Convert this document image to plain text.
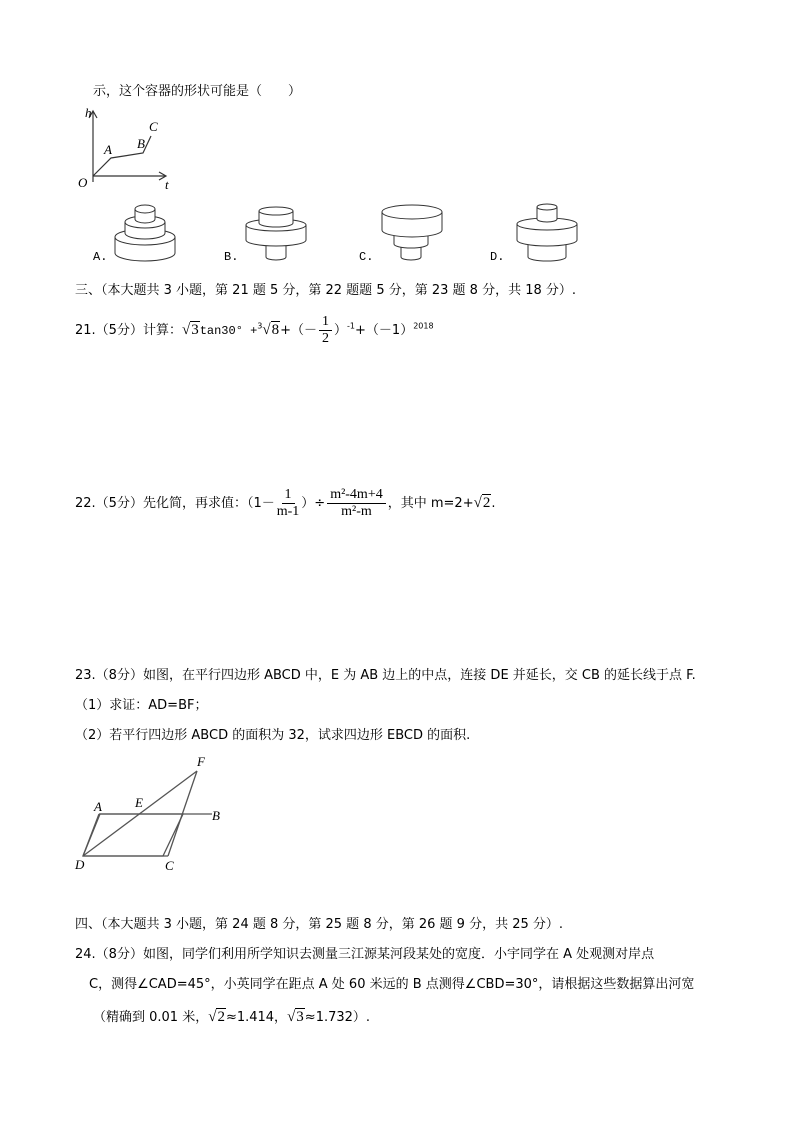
示，这个容器的形状可能是（　　）
h
t
O
A B
C
A.	B.	C.	D.
三、（本大题共 3 小题，第 21 题 5 分，第 22 题题 5 分，第 23 题 8 分，共 18 分）.
21.（5分）计算：$√3\tan 30^\circ +^3√8+(- \frac{1}{2} )^{-1}+(-1)^{2018}$
22.（5分）先化简，再求值：（$1- \frac{1}{m-1}$ ）÷ $\frac{\text{m²-4m+4}}{\text{m²-m}}$ ，其中 m=2+√2.
23.（8分）如图，在平行四边形 ABCD 中，E 为 AB 边上的中点，连接 DE 并延长，交 CB 的延长线于点 F.
（1）求证：AD=BF；
（2）若平行四边形 ABCD 的面积为 32，试求四边形 EBCD 的面积.
A
B
C
D
E
F
四、（本大题共 3 小题，第 24 题 8 分，第 25 题 8 分，第 26 题 9 分，共 25 分）.
24.（8分）如图，同学们利用所学知识去测量三江源某河段某处的宽度．小宇同学在 A 处观测对岸点
C，测得∠CAD=45°，小英同学在距点 A 处 60 米远的 B 点测得∠CBD=30°，请根据这些数据算出河宽
（精确到 0.01 米，√2≈1.414，√3≈1.732）.
